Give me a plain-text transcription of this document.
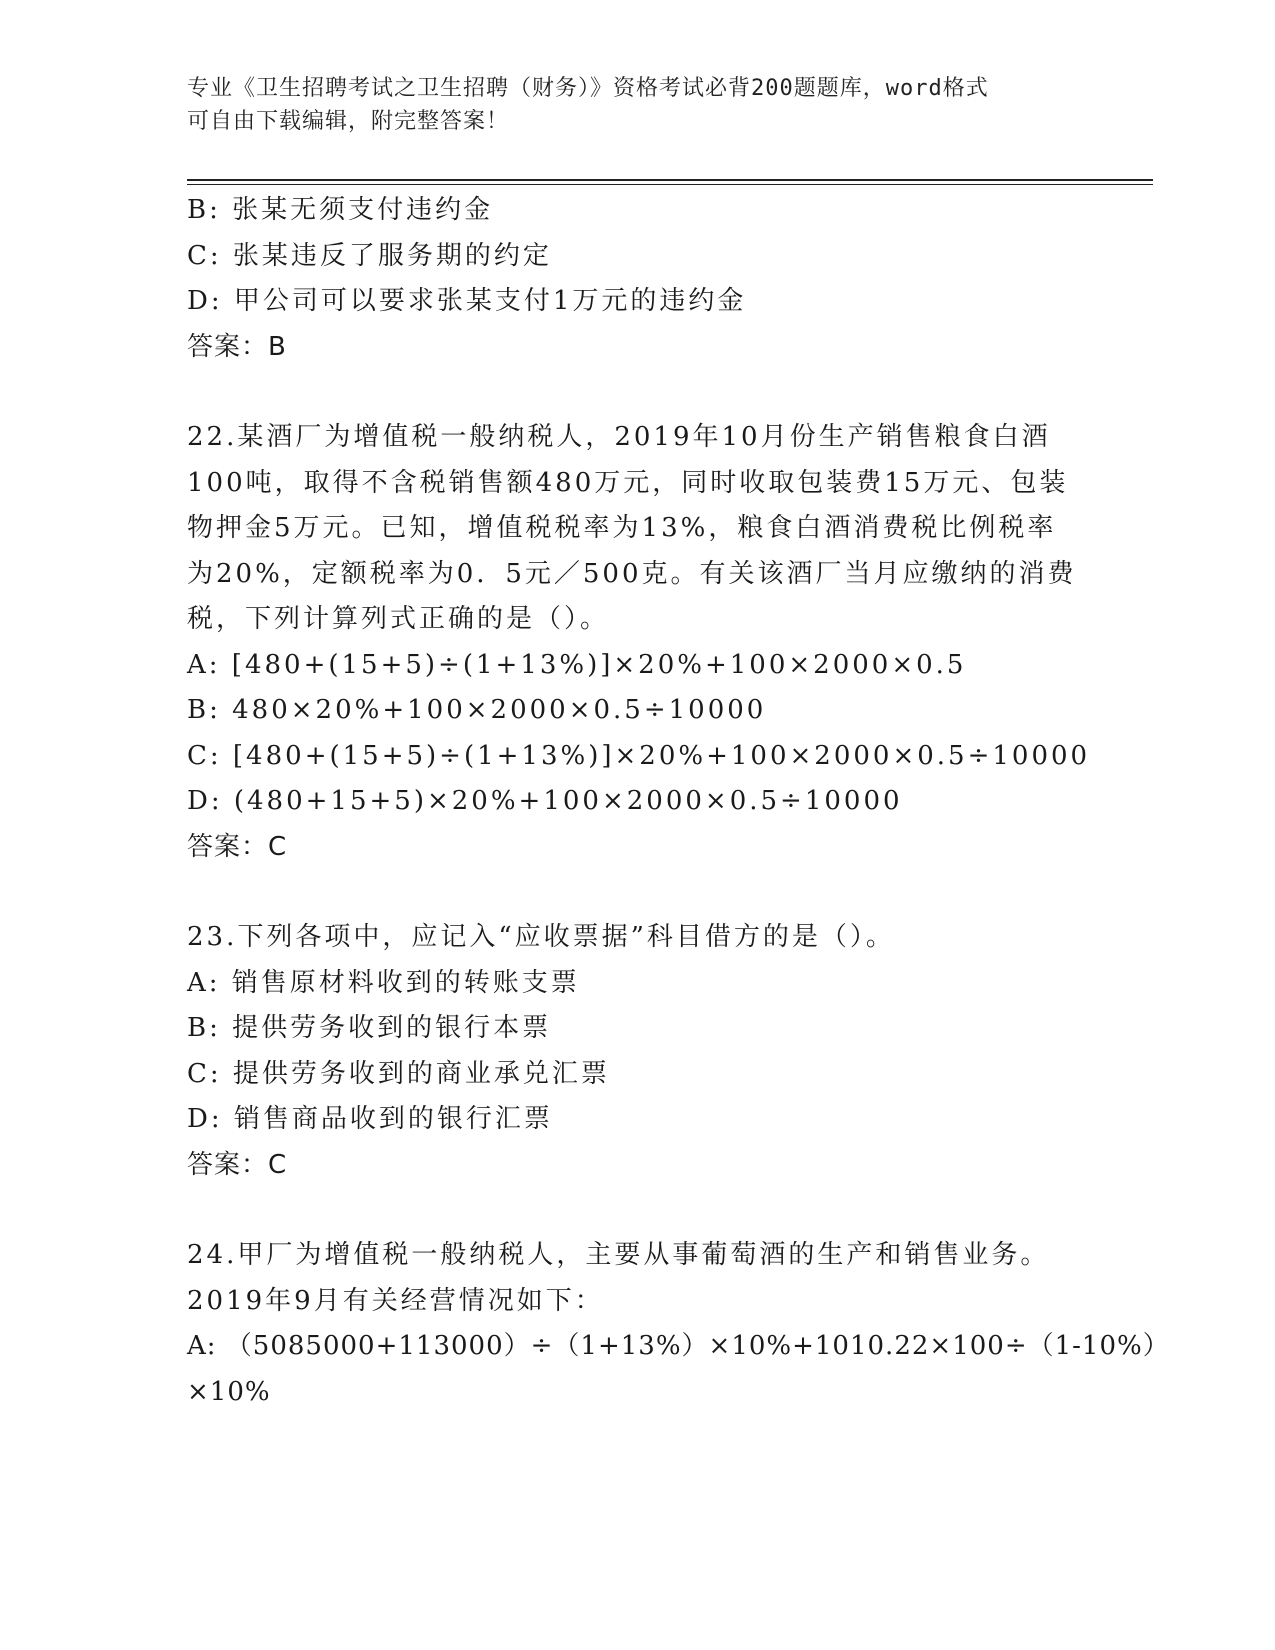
专业《卫生招聘考试之卫生招聘（财务）》资格考试必背200题题库，word格式
可自由下载编辑，附完整答案！
B: 张某无须支付违约金
C: 张某违反了服务期的约定
D: 甲公司可以要求张某支付1万元的违约金
答案：B
22.某酒厂为增值税一般纳税人，2019年10月份生产销售粮食白酒
100吨，取得不含税销售额480万元，同时收取包装费15万元、包装
物押金5万元。已知，增值税税率为13%，粮食白酒消费税比例税率
为20%，定额税率为0．5元／500克。有关该酒厂当月应缴纳的消费
税，下列计算列式正确的是（）。
A: [480+(15+5)÷(1+13%)]×20%+100×2000×0.5
B: 480×20%+100×2000×0.5÷10000
C: [480+(15+5)÷(1+13%)]×20%+100×2000×0.5÷10000
D: (480+15+5)×20%+100×2000×0.5÷10000
答案：C
23.下列各项中，应记入“应收票据”科目借方的是（）。
A: 销售原材料收到的转账支票
B: 提供劳务收到的银行本票
C: 提供劳务收到的商业承兑汇票
D: 销售商品收到的银行汇票
答案：C
24.甲厂为增值税一般纳税人，主要从事葡萄酒的生产和销售业务。
2019年9月有关经营情况如下：
A: （5085000+113000）÷（1+13%）×10%+1010.22×100÷（1-10%）
×10%
